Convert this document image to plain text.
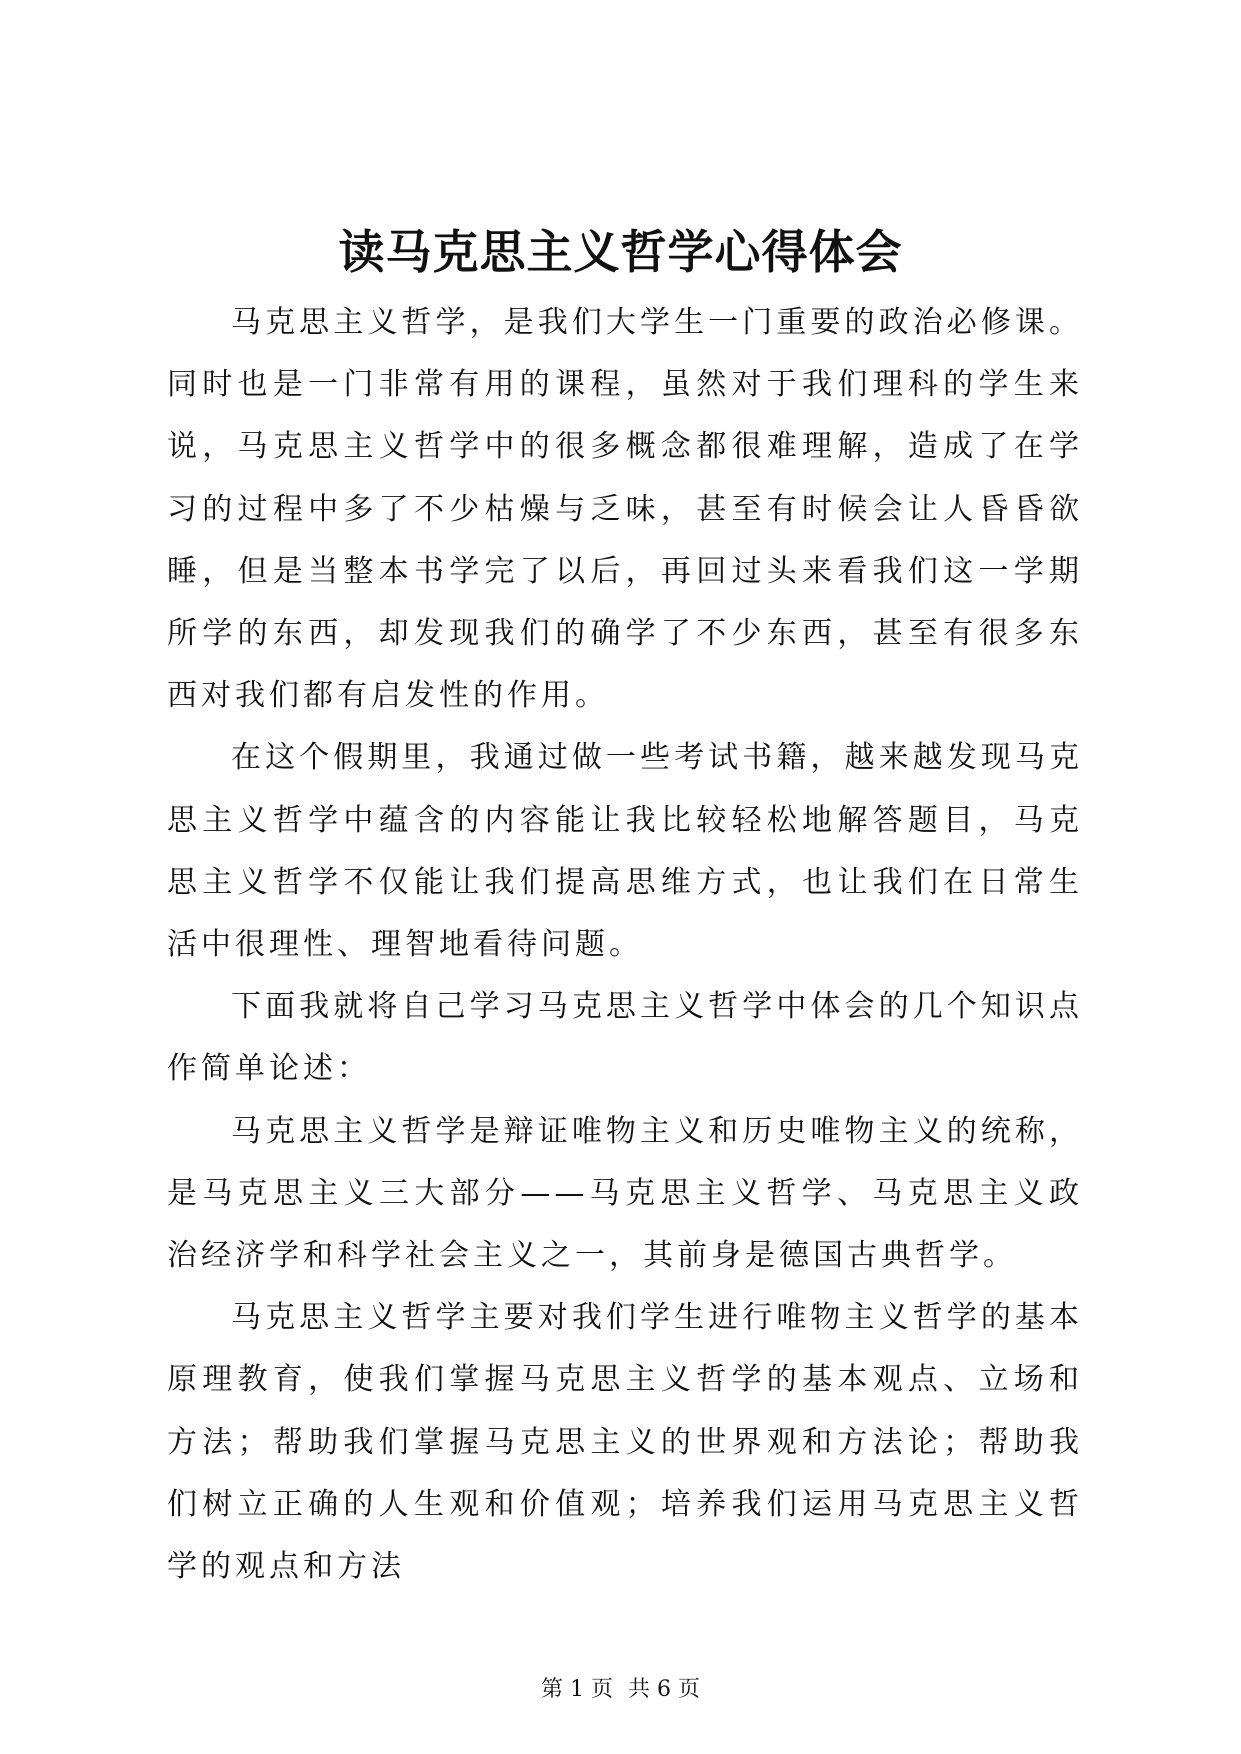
读马克思主义哲学心得体会

马克思主义哲学，是我们大学生一门重要的政治必修课。同时也是一门非常有用的课程，虽然对于我们理科的学生来说，马克思主义哲学中的很多概念都很难理解，造成了在学习的过程中多了不少枯燥与乏味，甚至有时候会让人昏昏欲睡，但是当整本书学完了以后，再回过头来看我们这一学期所学的东西，却发现我们的确学了不少东西，甚至有很多东西对我们都有启发性的作用。

在这个假期里，我通过做一些考试书籍，越来越发现马克思主义哲学中蕴含的内容能让我比较轻松地解答题目，马克思主义哲学不仅能让我们提高思维方式，也让我们在日常生活中很理性、理智地看待问题。

下面我就将自己学习马克思主义哲学中体会的几个知识点作简单论述：

马克思主义哲学是辩证唯物主义和历史唯物主义的统称，是马克思主义三大部分——马克思主义哲学、马克思主义政治经济学和科学社会主义之一，其前身是德国古典哲学。

马克思主义哲学主要对我们学生进行唯物主义哲学的基本原理教育，使我们掌握马克思主义哲学的基本观点、立场和方法；帮助我们掌握马克思主义的世界观和方法论；帮助我们树立正确的人生观和价值观；培养我们运用马克思主义哲学的观点和方法

第 1 页 共 6 页
